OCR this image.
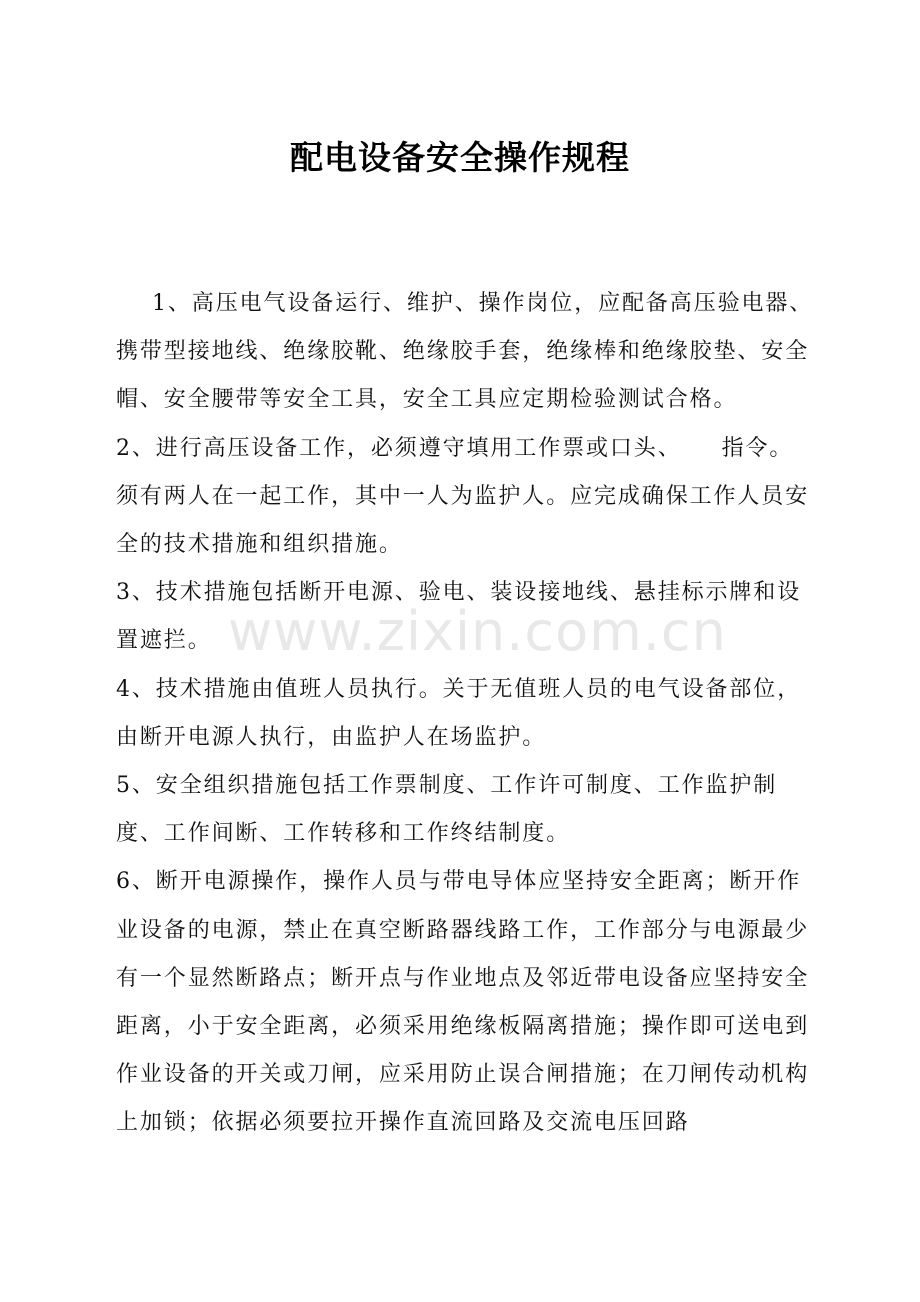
配电设备安全操作规程

1、高压电气设备运行、维护、操作岗位，应配备高压验电器、携带型接地线、绝缘胶靴、绝缘胶手套，绝缘棒和绝缘胶垫、安全帽、安全腰带等安全工具，安全工具应定期检验测试合格。

2、进行高压设备工作，必须遵守填用工作票或口头、 指令。

须有两人在一起工作，其中一人为监护人。应完成确保工作人员安全的技术措施和组织措施。

3、技术措施包括断开电源、验电、装设接地线、悬挂标示牌和设置遮拦。

4、技术措施由值班人员执行。关于无值班人员的电气设备部位，由断开电源人执行，由监护人在场监护。

5、安全组织措施包括工作票制度、工作许可制度、工作监护制度、工作间断、工作转移和工作终结制度。

6、断开电源操作，操作人员与带电导体应坚持安全距离；断开作业设备的电源，禁止在真空断路器线路工作，工作部分与电源最少有一个显然断路点；断开点与作业地点及邻近带电设备应坚持安全距离，小于安全距离，必须采用绝缘板隔离措施；操作即可送电到作业设备的开关或刀闸，应采用防止误合闸措施；在刀闸传动机构上加锁；依据必须要拉开操作直流回路及交流电压回路

www.zixin.com.cn
